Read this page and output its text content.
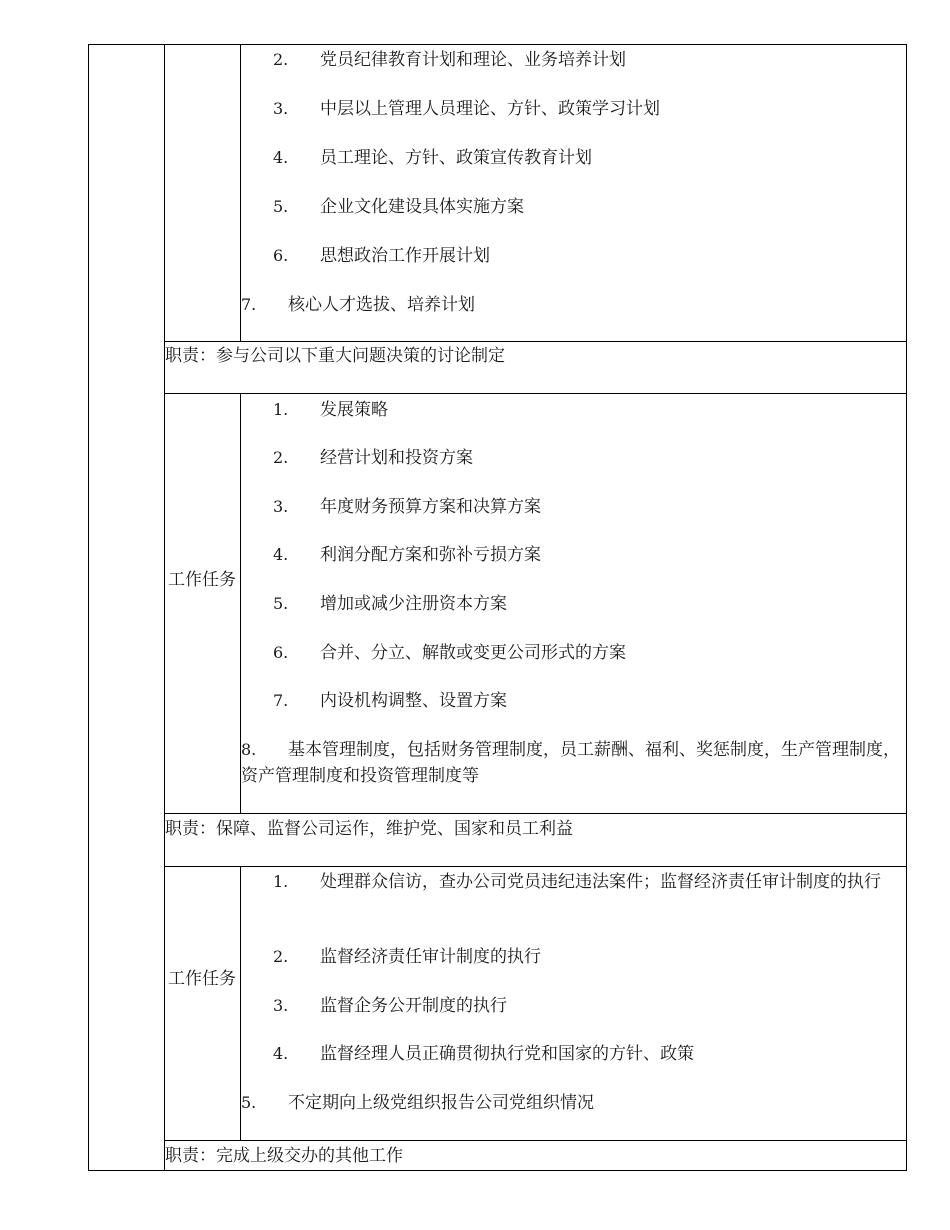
2. 党员纪律教育计划和理论、业务培养计划
3. 中层以上管理人员理论、方针、政策学习计划
4. 员工理论、方针、政策宣传教育计划
5. 企业文化建设具体实施方案
6. 思想政治工作开展计划
7. 核心人才选拔、培养计划
职责：参与公司以下重大问题决策的讨论制定
工作任务
1. 发展策略
2. 经营计划和投资方案
3. 年度财务预算方案和决算方案
4. 利润分配方案和弥补亏损方案
5. 增加或减少注册资本方案
6. 合并、分立、解散或变更公司形式的方案
7. 内设机构调整、设置方案
8.	基本管理制度，包括财务管理制度，员工薪酬、福利、奖惩制度，生产管理制度，资产管理制度和投资管理制度等
职责：保障、监督公司运作，维护党、国家和员工利益
工作任务
1.	处理群众信访，查办公司党员违纪违法案件；监督经济责任审计制度的执行
2. 监督经济责任审计制度的执行
3. 监督企务公开制度的执行
4. 监督经理人员正确贯彻执行党和国家的方针、政策
5. 不定期向上级党组织报告公司党组织情况
职责：完成上级交办的其他工作
